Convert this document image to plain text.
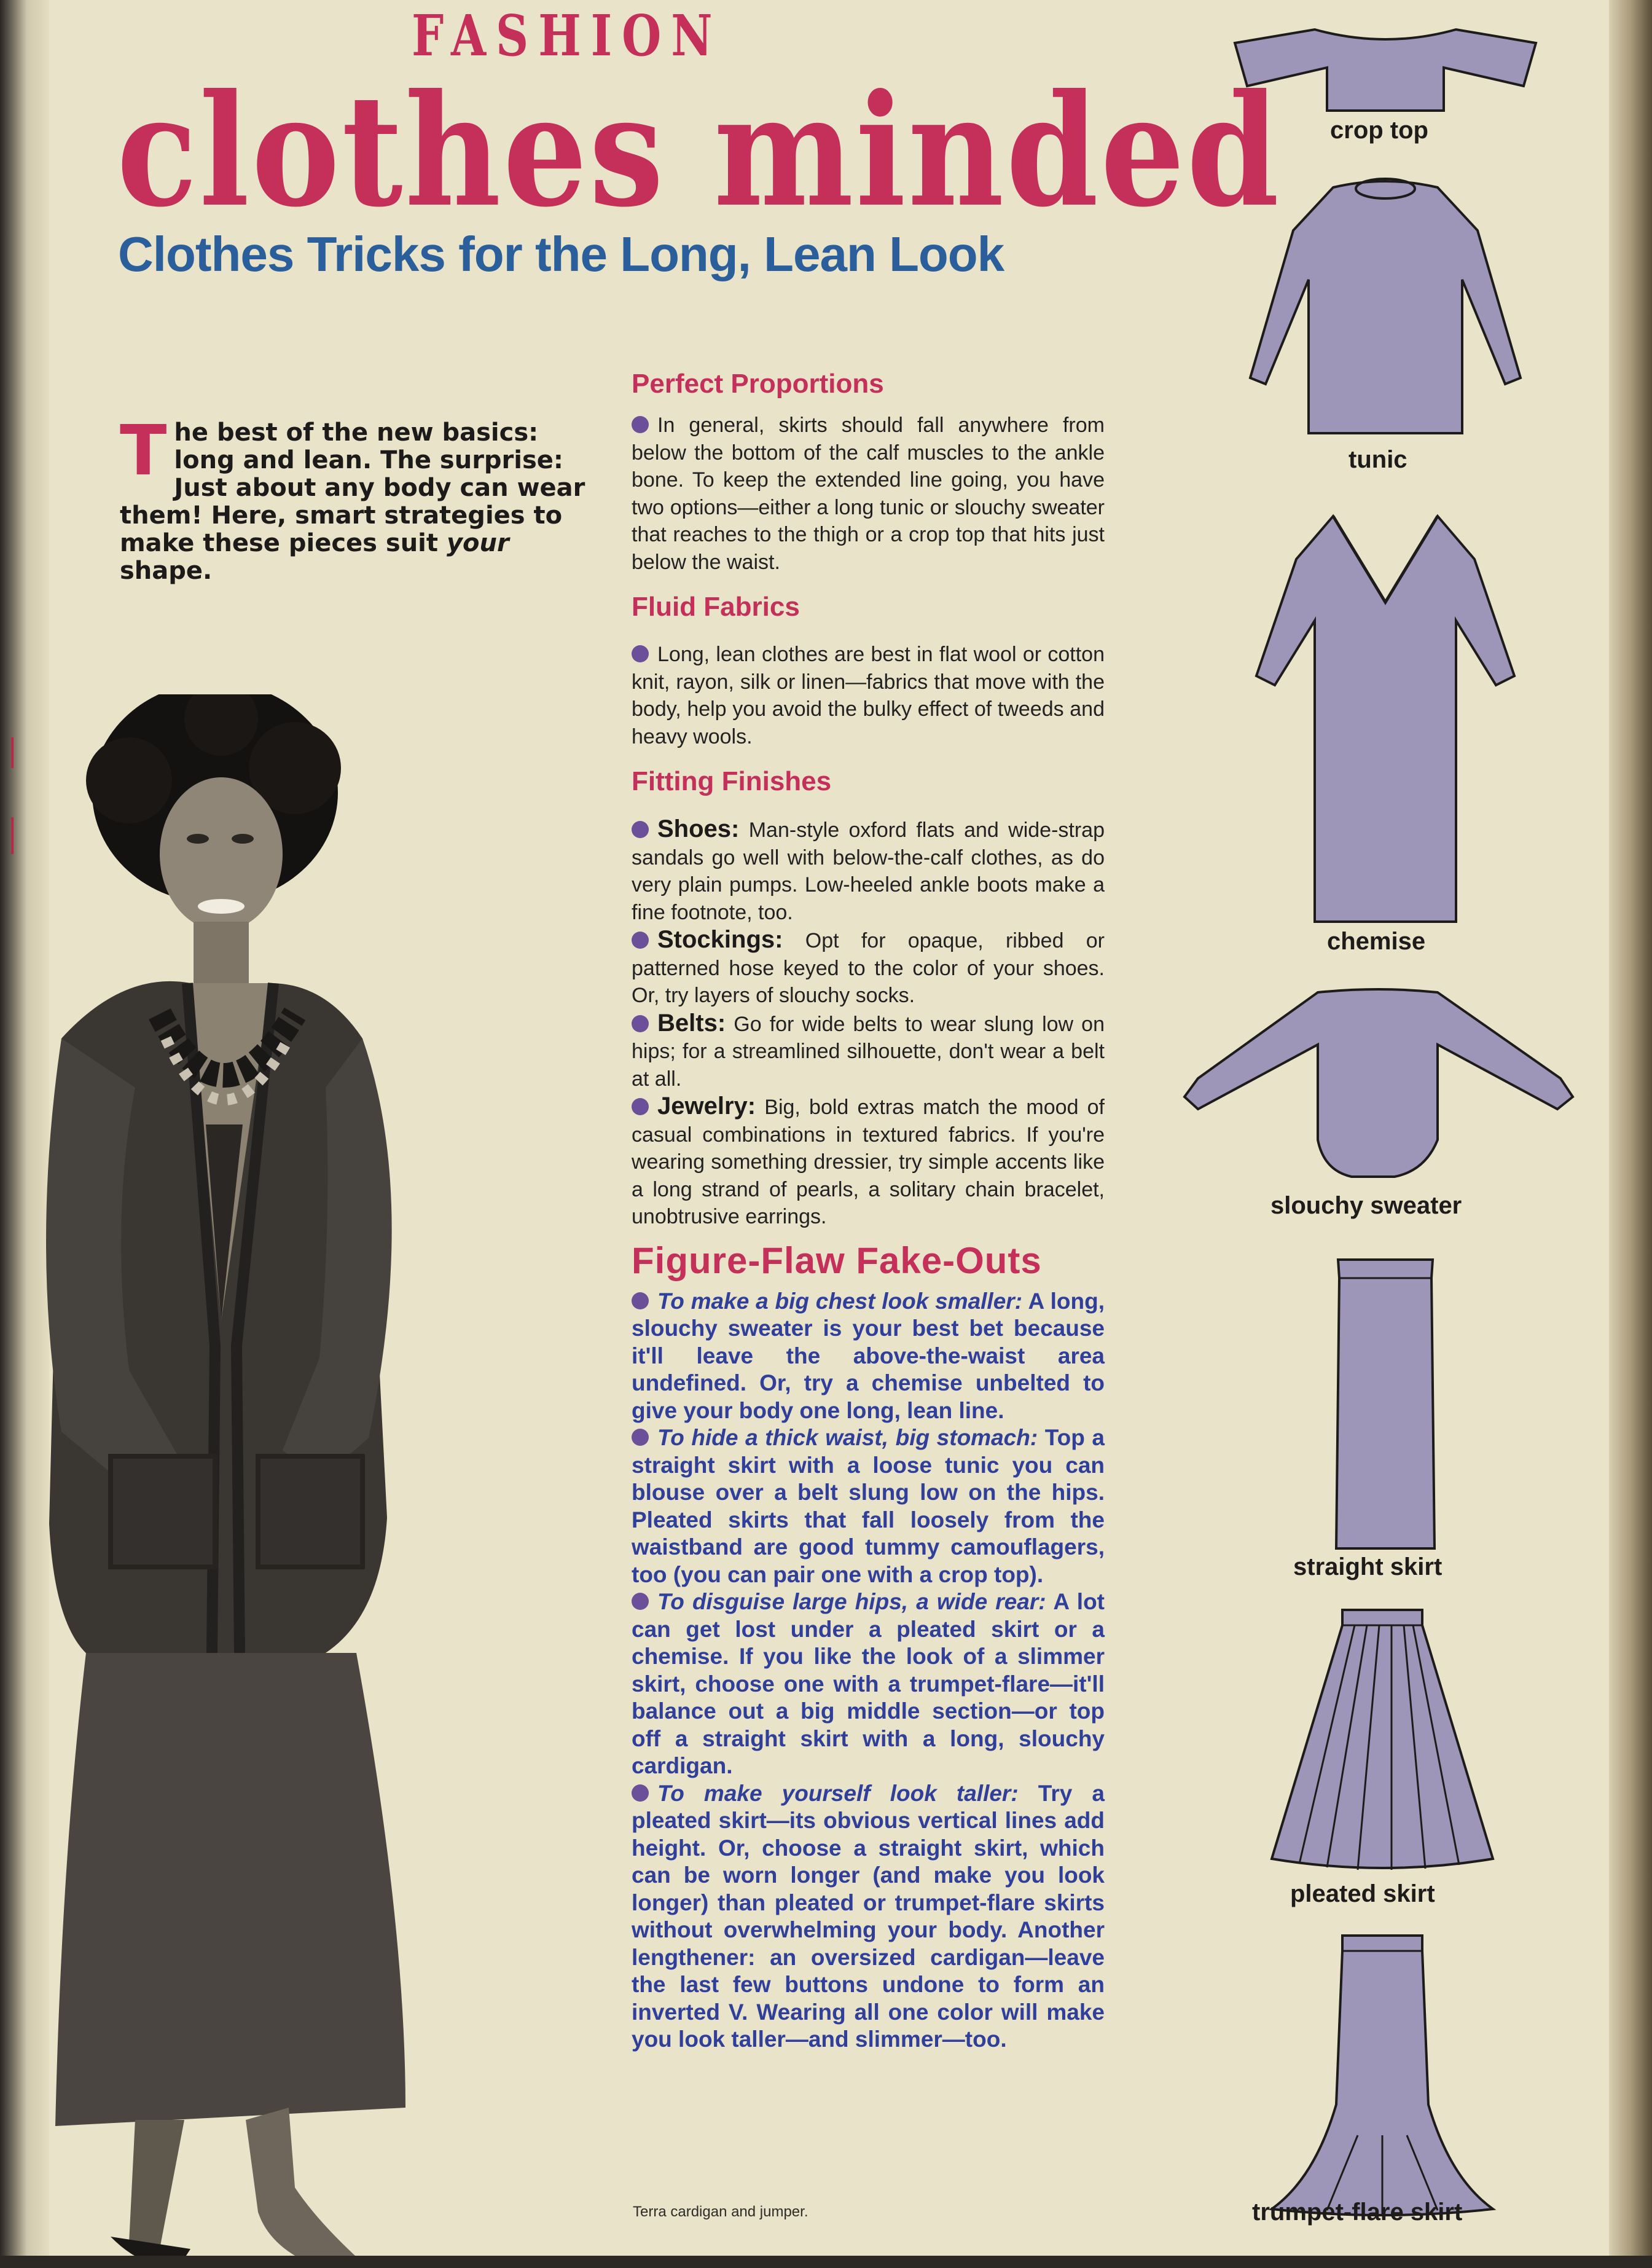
FASHION
clothes minded
Clothes Tricks for the Long, Lean Look
The best of the new basics: long and lean. The surprise: Just about any body can wear them! Here, smart strategies to make these pieces suit your shape.
Terra cardigan and jumper.
Perfect Proportions

In general, skirts should fall anywhere from below the bottom of the calf muscles to the ankle bone. To keep the extended line going, you have two options—either a long tunic or slouchy sweater that reaches to the thigh or a crop top that hits just below the waist.

Fluid Fabrics

Long, lean clothes are best in flat wool or cotton knit, rayon, silk or linen—fabrics that move with the body, help you avoid the bulky effect of tweeds and heavy wools.

Fitting Finishes

Shoes: Man-style oxford flats and wide-strap sandals go well with below-the-calf clothes, as do very plain pumps. Low-heeled ankle boots make a fine footnote, too.

Stockings: Opt for opaque, ribbed or patterned hose keyed to the color of your shoes. Or, try layers of slouchy socks.

Belts: Go for wide belts to wear slung low on hips; for a streamlined silhouette, don't wear a belt at all.

Jewelry: Big, bold extras match the mood of casual combinations in textured fabrics. If you're wearing something dressier, try simple accents like a long strand of pearls, a solitary chain bracelet, unobtrusive earrings.

Figure-Flaw Fake-Outs

To make a big chest look smaller: A long, slouchy sweater is your best bet because it'll leave the above-the-waist area undefined. Or, try a chemise unbelted to give your body one long, lean line.

To hide a thick waist, big stomach: Top a straight skirt with a loose tunic you can blouse over a belt slung low on the hips. Pleated skirts that fall loosely from the waistband are good tummy camouflagers, too (you can pair one with a crop top).

To disguise large hips, a wide rear: A lot can get lost under a pleated skirt or a chemise. If you like the look of a slimmer skirt, choose one with a trumpet-flare—it'll balance out a big middle section—or top off a straight skirt with a long, slouchy cardigan.

To make yourself look taller: Try a pleated skirt—its obvious vertical lines add height. Or, choose a straight skirt, which can be worn longer (and make you look longer) than pleated or trumpet-flare skirts without overwhelming your body. Another lengthener: an oversized cardigan—leave the last few buttons undone to form an inverted V. Wearing all one color will make you look taller—and slimmer—too.

crop top
tunic
chemise
slouchy sweater
straight skirt
pleated skirt
trumpet-flare skirt
